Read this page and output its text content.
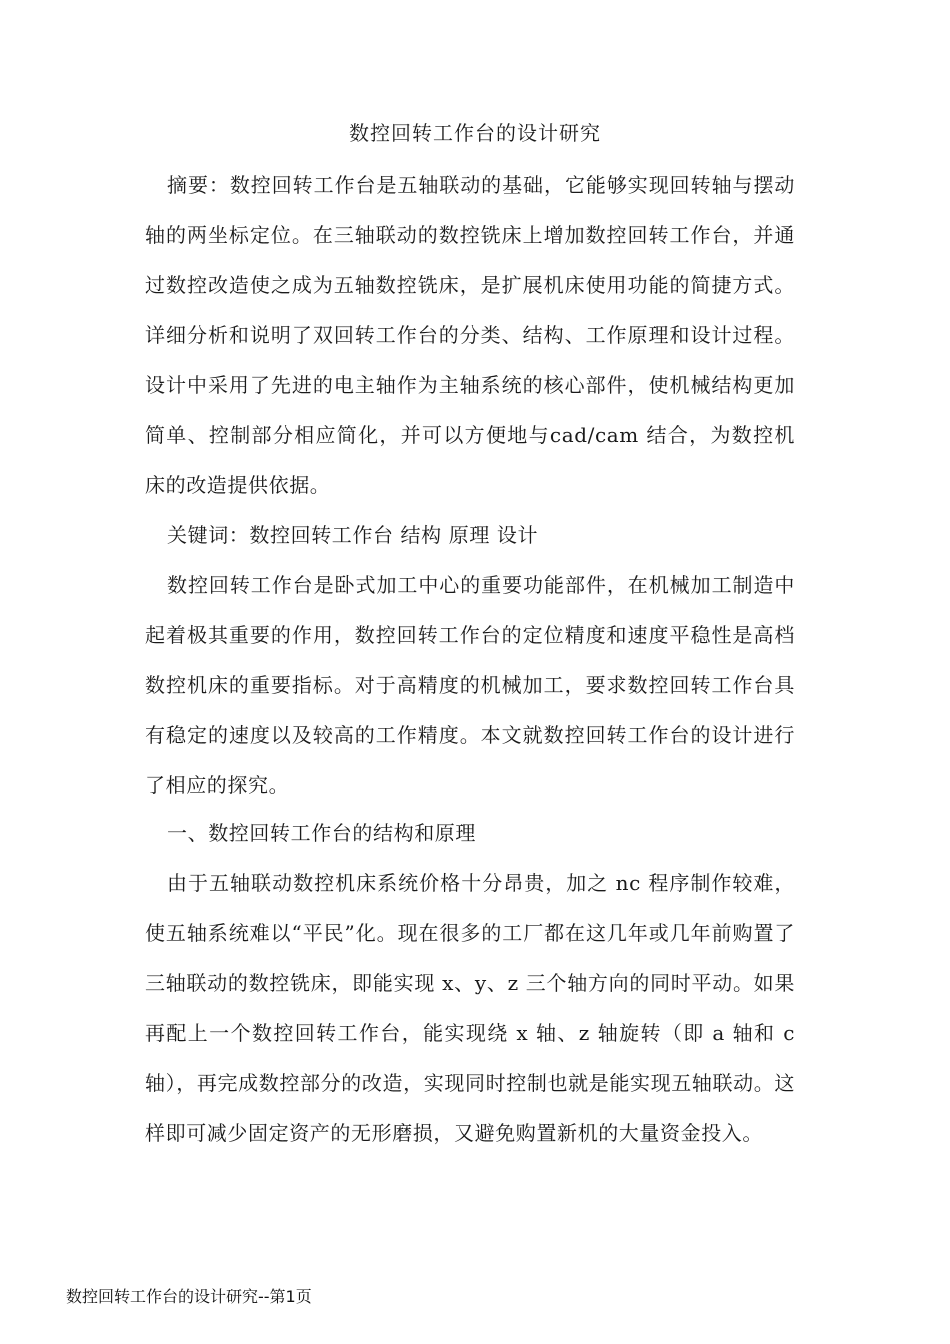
数控回转工作台的设计研究
摘要：数控回转工作台是五轴联动的基础，它能够实现回转轴与摆动轴的两坐标定位。在三轴联动的数控铣床上增加数控回转工作台，并通过数控改造使之成为五轴数控铣床，是扩展机床使用功能的简捷方式。详细分析和说明了双回转工作台的分类、结构、工作原理和设计过程。设计中采用了先进的电主轴作为主轴系统的核心部件，使机械结构更加简单、控制部分相应简化，并可以方便地与cad/cam 结合，为数控机床的改造提供依据。
关键词：数控回转工作台 结构 原理 设计
数控回转工作台是卧式加工中心的重要功能部件，在机械加工制造中起着极其重要的作用，数控回转工作台的定位精度和速度平稳性是高档数控机床的重要指标。对于高精度的机械加工，要求数控回转工作台具有稳定的速度以及较高的工作精度。本文就数控回转工作台的设计进行了相应的探究。
一、数控回转工作台的结构和原理
由于五轴联动数控机床系统价格十分昂贵，加之 nc 程序制作较难，使五轴系统难以“平民”化。现在很多的工厂都在这几年或几年前购置了三轴联动的数控铣床，即能实现 x、y、z 三个轴方向的同时平动。如果再配上一个数控回转工作台，能实现绕 x 轴、z 轴旋转（即 a 轴和 c 轴），再完成数控部分的改造，实现同时控制也就是能实现五轴联动。这样即可减少固定资产的无形磨损，又避免购置新机的大量资金投入。
数控回转工作台的设计研究--第1页
